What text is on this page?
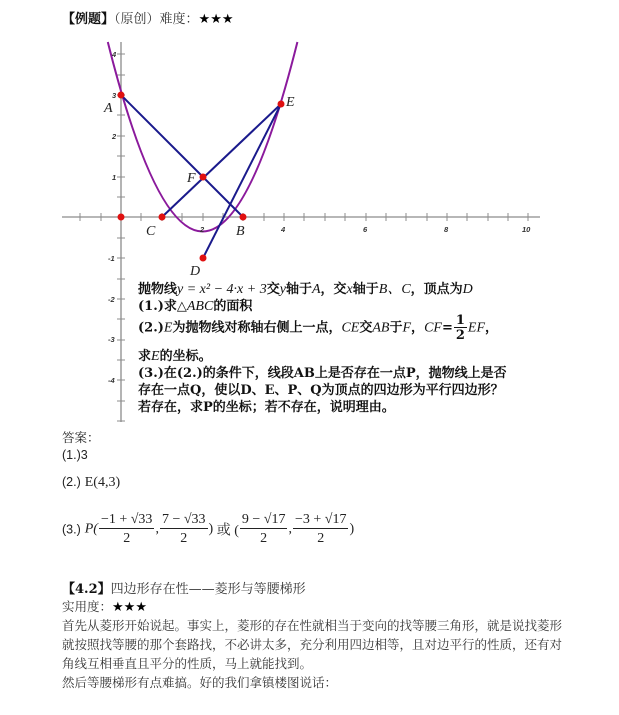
【例题】（原创）难度：★★★
2	4	6	8	10
4
3
2
1
-1
-2
-3
-4
A
C	B
F
D
E
抛物线y = x² − 4·x + 3交y轴于A，交x轴于B、C，顶点为D
(1.)求△ABC的面积
(2.)E为抛物线对称轴右侧上一点，CE交AB于F，$CF= \frac{1}{2}$ EF，
求E的坐标。
(3.)在(2.)的条件下，线段AB上是否存在一点P，抛物线上是否
存在一点Q，使以D、E、P、Q为顶点的四边形为平行四边形？
若存在，求P的坐标；若不存在，说明理由。
答案：
(1.)3
(2.) E(4,3)
(3.) $P( \frac{-1 + √33}{2}$ , $\frac{7 - √33}{2}$ ) 或 ( $\frac{9 - √17}{2}$ , $\frac{-3 + √17}{2}$ )
【4.2】四边形存在性——菱形与等腰梯形
实用度：★★★
首先从菱形开始说起。事实上，菱形的存在性就相当于变向的找等腰三角形，就是说找菱形
就按照找等腰的那个套路找，不必讲太多，充分利用四边相等，且对边平行的性质，还有对
角线互相垂直且平分的性质，马上就能找到。
然后等腰梯形有点难搞。好的我们拿镇楼图说话：
